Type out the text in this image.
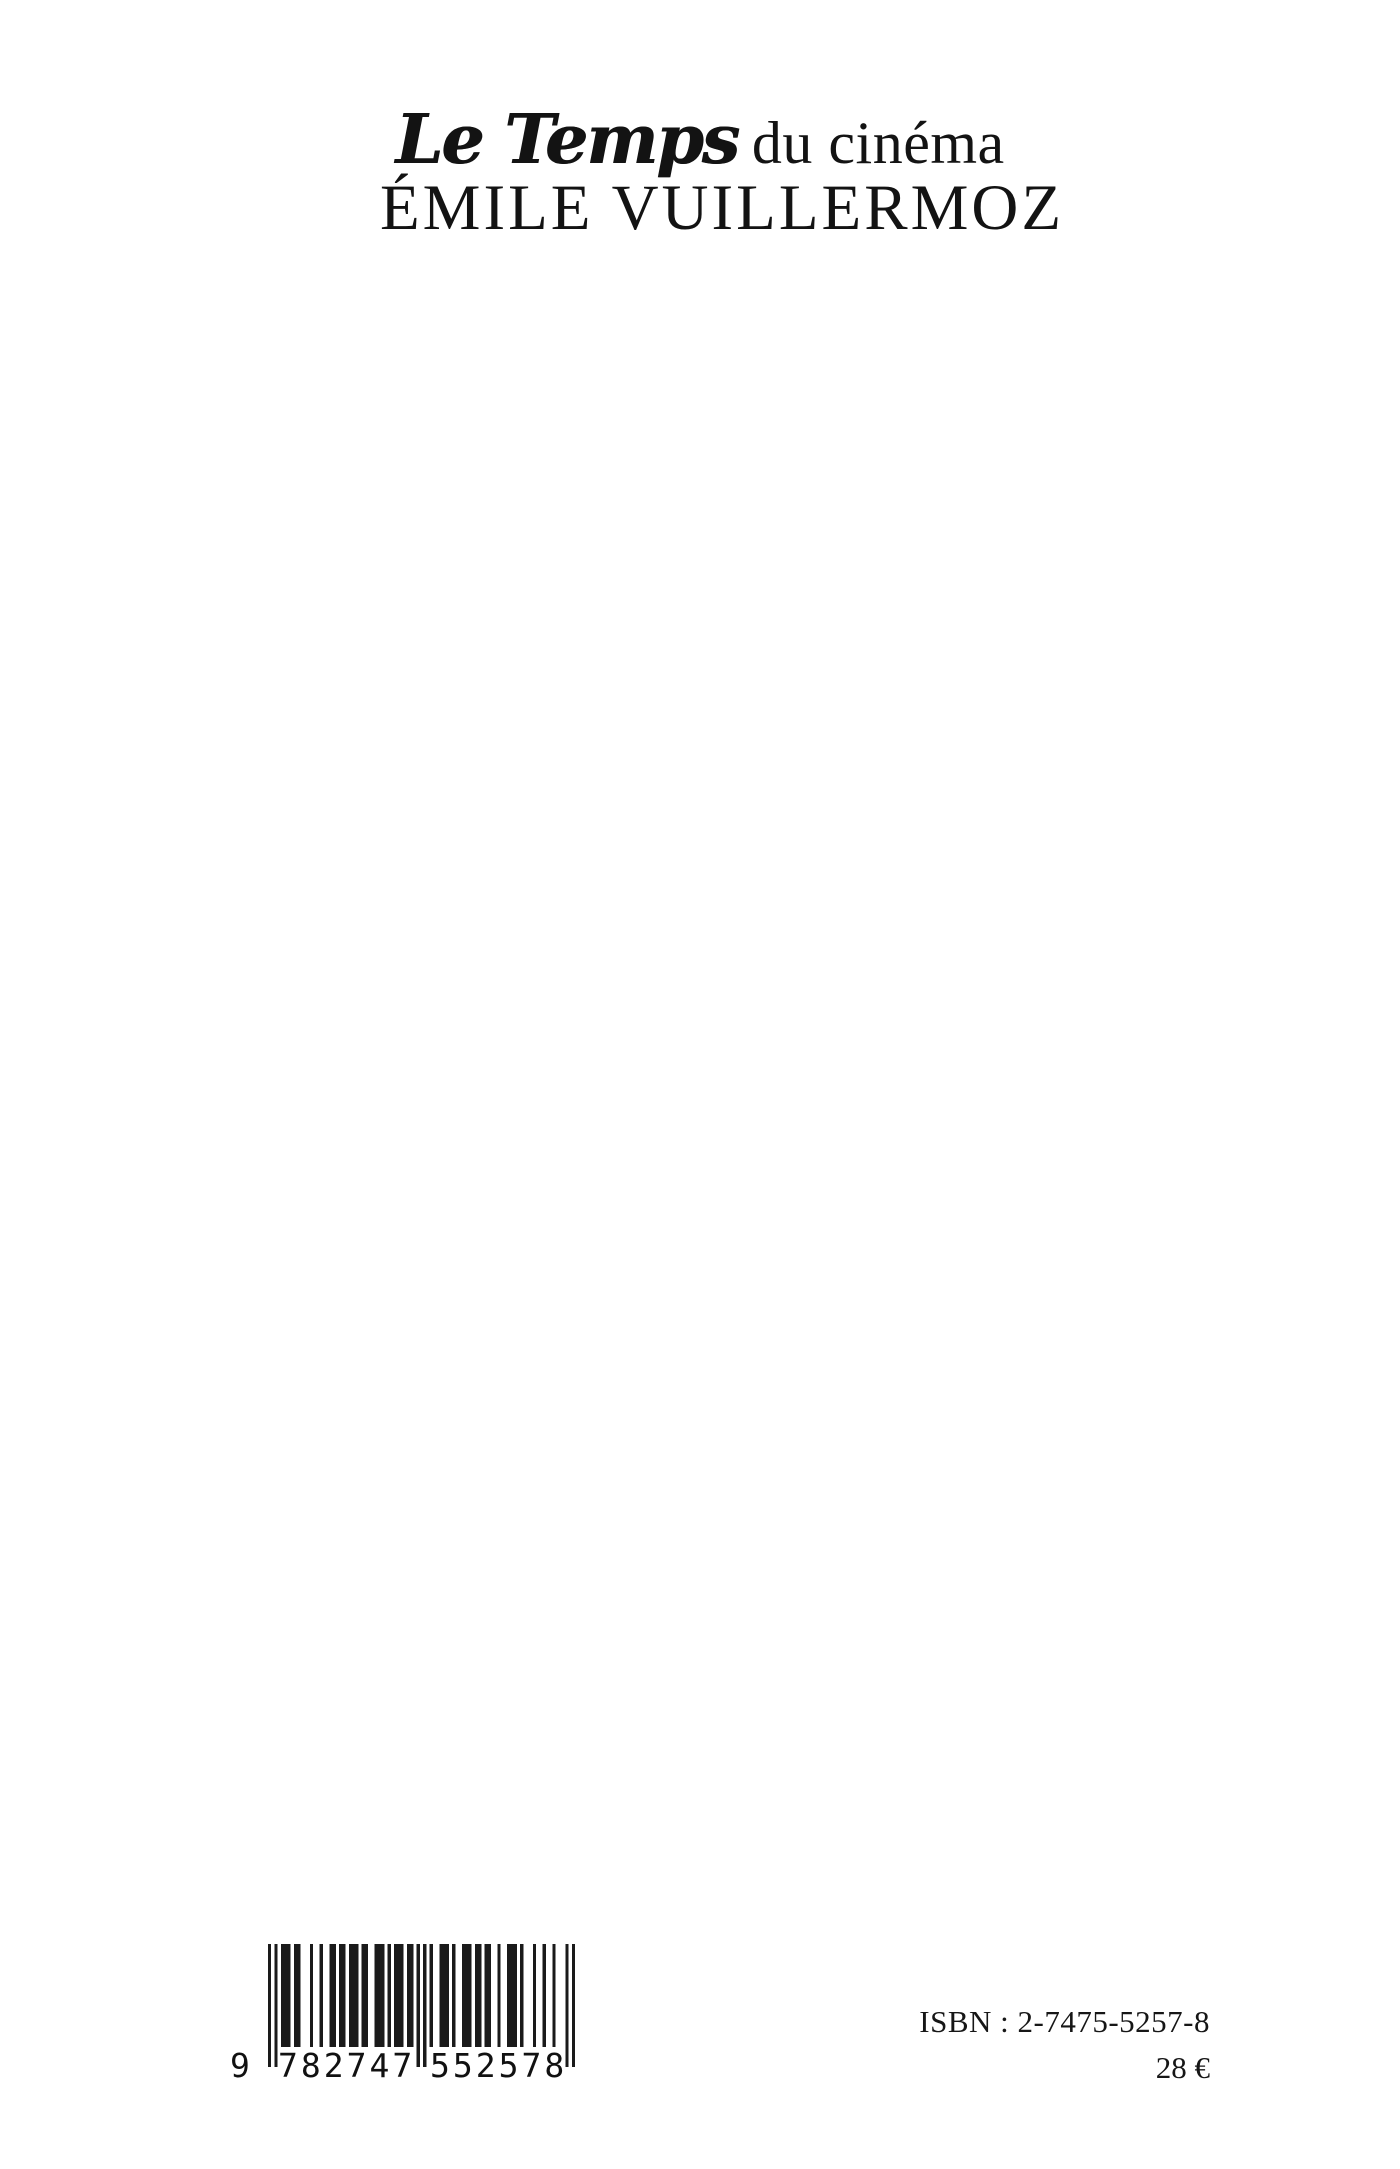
Le Temps du cinéma
ÉMILE VUILLERMOZ

9 782747 552578
ISBN : 2-7475-5257-8
28 €
